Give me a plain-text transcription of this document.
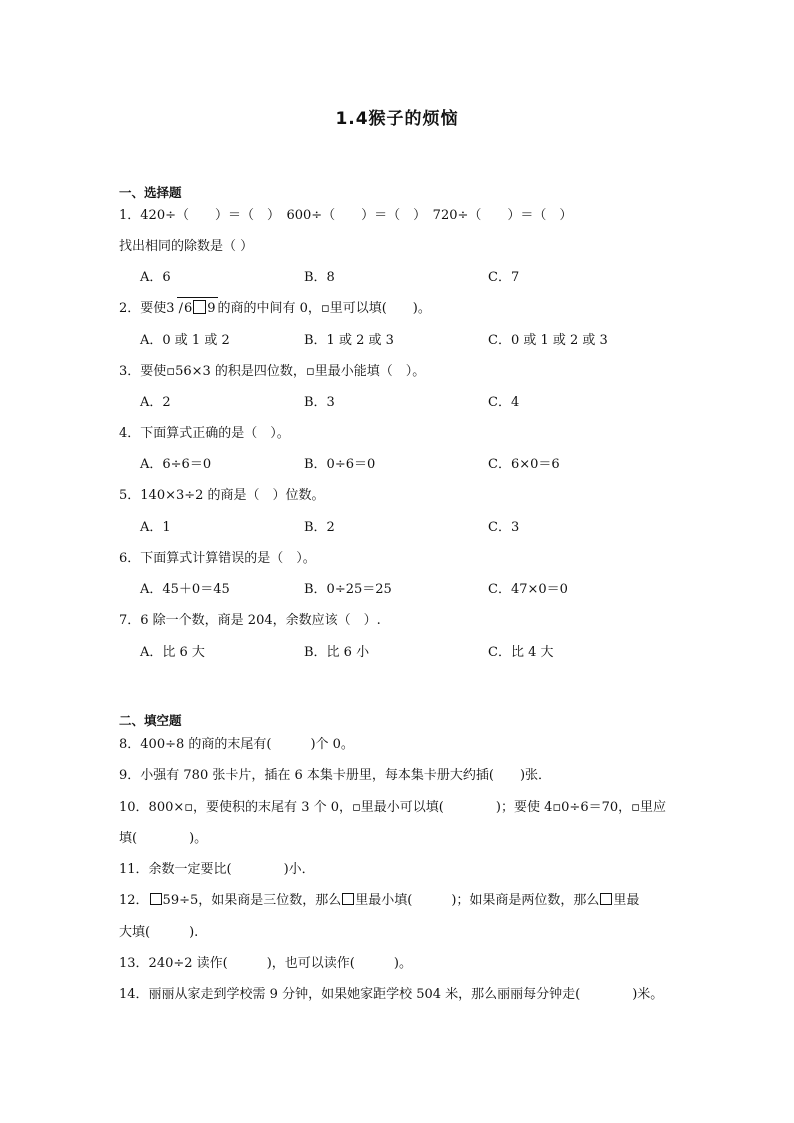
1.4猴子的烦恼
一、选择题
1．420÷（　　）＝（　）　600÷（　　）＝（　）　720÷（　　）＝（　）
找出相同的除数是（ ）
A．6	B．8	C．7
2．要使3 /6 9 的商的中间有 0，▫里可以填(　　)。
A．0 或 1 或 2	B．1 或 2 或 3	C．0 或 1 或 2 或 3
3．要使▫56×3 的积是四位数，▫里最小能填（　）。
A．2	B．3	C．4
4．下面算式正确的是（　）。
A．6÷6＝0	B．0÷6＝0	C．6×0＝6
5．140×3÷2 的商是（　）位数。
A．1	B．2	C．3
6．下面算式计算错误的是（　）。
A．45＋0＝45	B．0÷25＝25	C．47×0＝0
7．6 除一个数，商是 204，余数应该（　）.
A．比 6 大	B．比 6 小	C．比 4 大
二、填空题
8．400÷8 的商的末尾有(　　　)个 0。
9．小强有 780 张卡片，插在 6 本集卡册里，每本集卡册大约插(　　)张．
10．800×▫，要使积的末尾有 3 个 0，▫里最小可以填(　　　　)；要使 4▫0÷6＝70，▫里应
填(　　　　)。
11．余数一定要比(　　　　)小．
12． 59÷5，如果商是三位数，那么 里最小填(　　　)；如果商是两位数，那么 里最
大填(　　　).
13．240÷2 读作(　　　)，也可以读作(　　　)。
14．丽丽从家走到学校需 9 分钟，如果她家距学校 504 米，那么丽丽每分钟走(　　　　)米。
